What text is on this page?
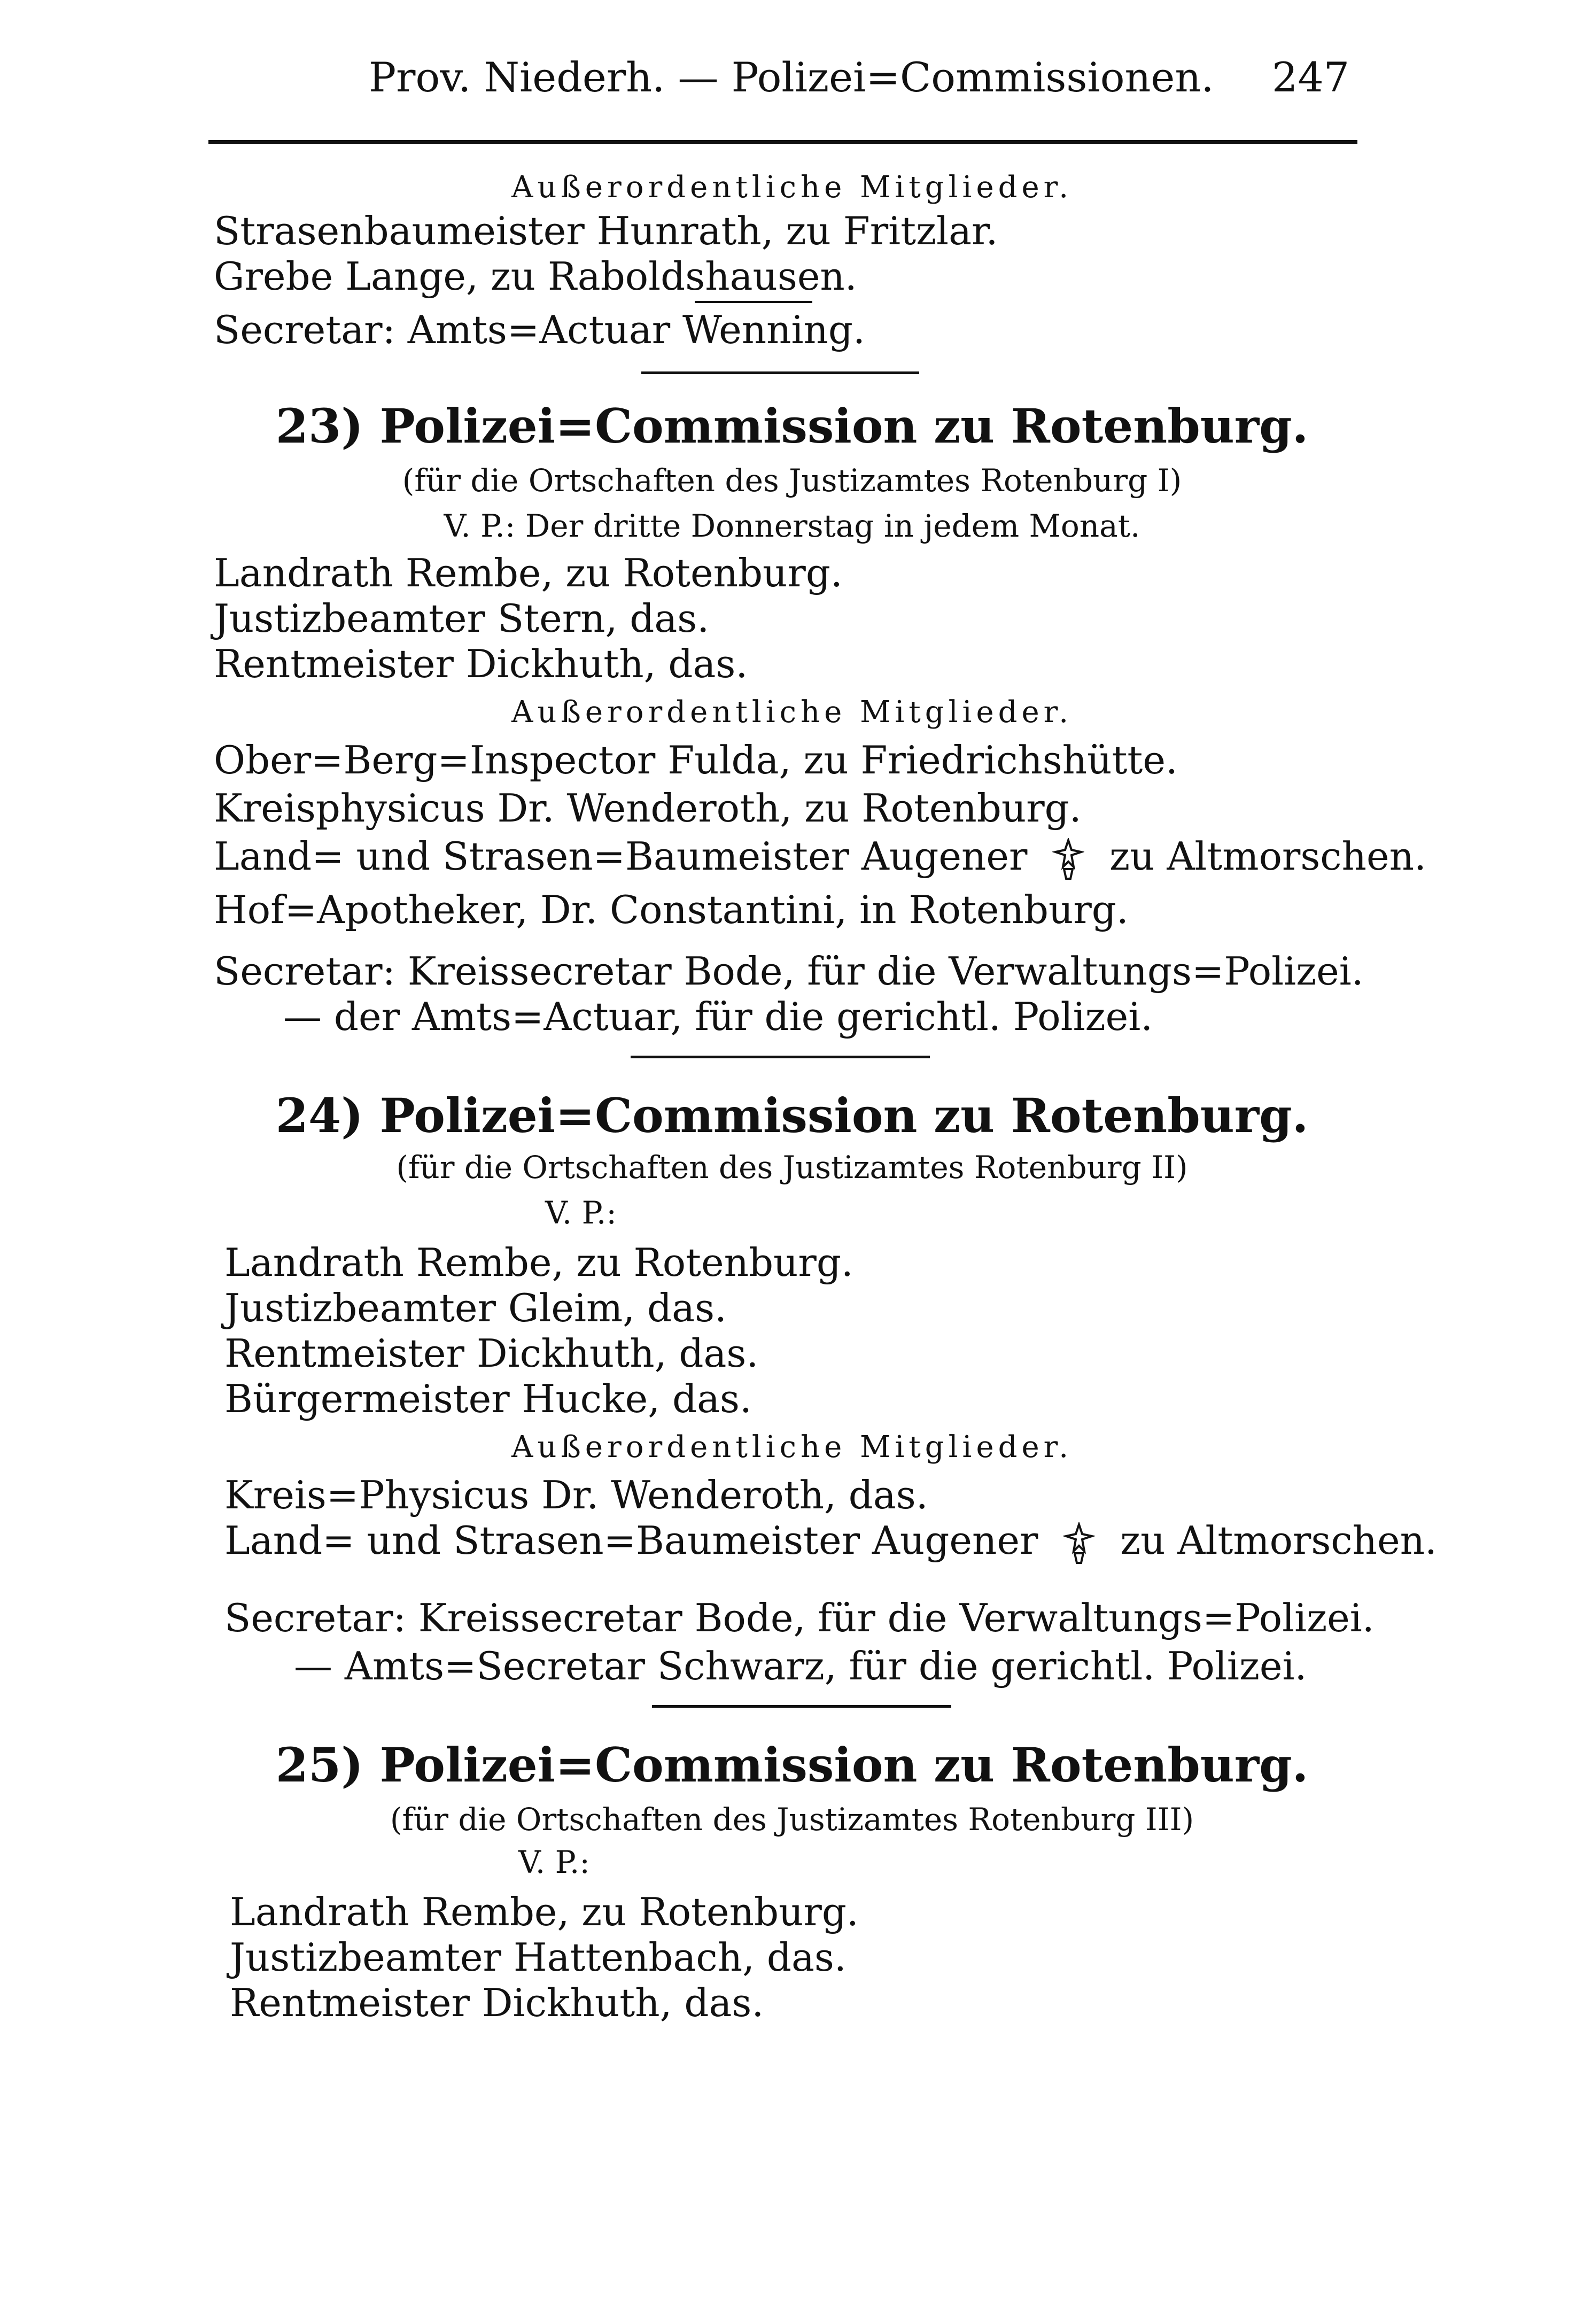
Prov. Niederh. — Polizei=Commissionen. 247
Außerordentliche Mitglieder.
Strasenbaumeister Hunrath, zu Fritzlar.
Grebe Lange, zu Raboldshausen.
Secretar: Amts=Actuar Wenning.
23) Polizei=Commission zu Rotenburg.
(für die Ortschaften des Justizamtes Rotenburg I)
V. P.: Der dritte Donnerstag in jedem Monat.
Landrath Rembe, zu Rotenburg.
Justizbeamter Stern, das.
Rentmeister Dickhuth, das.
Außerordentliche Mitglieder.
Ober=Berg=Inspector Fulda, zu Friedrichshütte.
Kreisphysicus Dr. Wenderoth, zu Rotenburg.
Land= und Strasen=Baumeister Augener zu Altmorschen.
Hof=Apotheker, Dr. Constantini, in Rotenburg.
Secretar: Kreissecretar Bode, für die Verwaltungs=Polizei.
— der Amts=Actuar, für die gerichtl. Polizei.
24) Polizei=Commission zu Rotenburg.
(für die Ortschaften des Justizamtes Rotenburg II)
V. P.:
Landrath Rembe, zu Rotenburg.
Justizbeamter Gleim, das.
Rentmeister Dickhuth, das.
Bürgermeister Hucke, das.
Außerordentliche Mitglieder.
Kreis=Physicus Dr. Wenderoth, das.
Land= und Strasen=Baumeister Augener zu Altmorschen.
Secretar: Kreissecretar Bode, für die Verwaltungs=Polizei.
— Amts=Secretar Schwarz, für die gerichtl. Polizei.
25) Polizei=Commission zu Rotenburg.
(für die Ortschaften des Justizamtes Rotenburg III)
V. P.:
Landrath Rembe, zu Rotenburg.
Justizbeamter Hattenbach, das.
Rentmeister Dickhuth, das.
